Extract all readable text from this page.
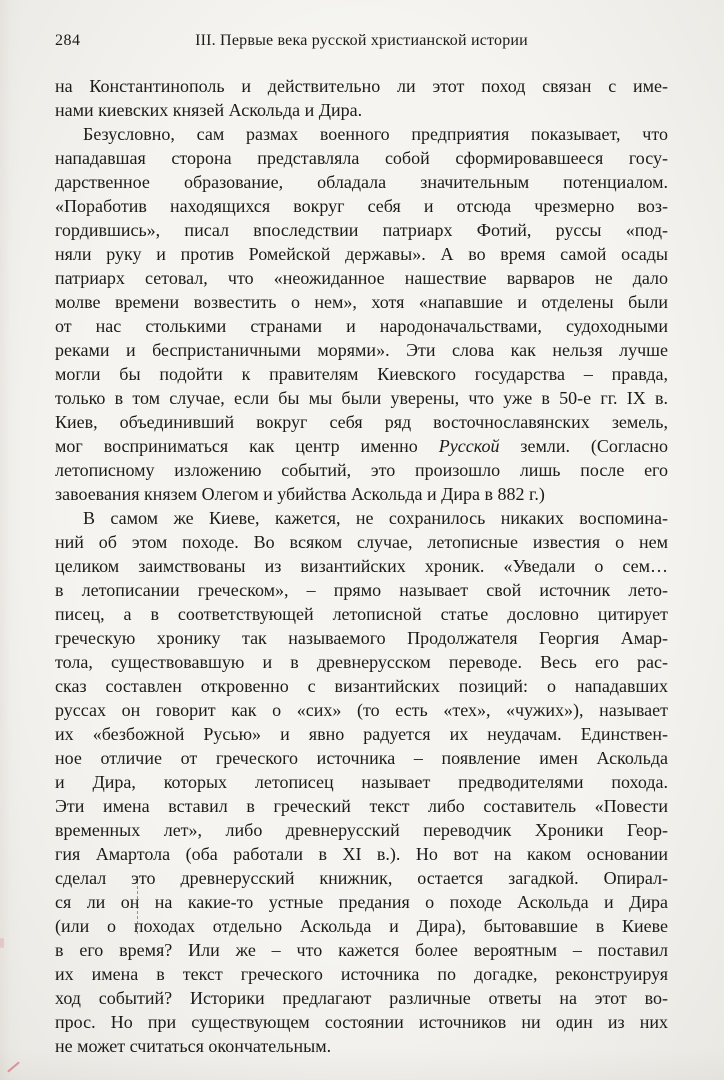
284	III. Первые века русской христианской истории
на Константинополь и действительно ли этот поход связан с име-
нами киевских князей Аскольда и Дира.
Безусловно, сам размах военного предприятия показывает, что
нападавшая сторона представляла собой сформировавшееся госу-
дарственное образование, обладала значительным потенциалом.
«Поработив находящихся вокруг себя и отсюда чрезмерно воз-
гордившись», писал впоследствии патриарх Фотий, руссы «под-
няли руку и против Ромейской державы». А во время самой осады
патриарх сетовал, что «неожиданное нашествие варваров не дало
молве времени возвестить о нем», хотя «напавшие и отделены были
от нас столькими странами и народоначальствами, судоходными
реками и беспристаничными морями». Эти слова как нельзя лучше
могли бы подойти к правителям Киевского государства – правда,
только в том случае, если бы мы были уверены, что уже в 50-е гг. IX в.
Киев, объединивший вокруг себя ряд восточнославянских земель,
мог восприниматься как центр именно Русской земли. (Согласно
летописному изложению событий, это произошло лишь после его
завоевания князем Олегом и убийства Аскольда и Дира в 882 г.)
В самом же Киеве, кажется, не сохранилось никаких воспомина-
ний об этом походе. Во всяком случае, летописные известия о нем
целиком заимствованы из византийских хроник. «Уведали о сем…
в летописании греческом», – прямо называет свой источник лето-
писец, а в соответствующей летописной статье дословно цитирует
греческую хронику так называемого Продолжателя Георгия Амар-
тола, существовавшую и в древнерусском переводе. Весь его рас-
сказ составлен откровенно с византийских позиций: о нападавших
руссах он говорит как о «сих» (то есть «тех», «чужих»), называет
их «безбожной Русью» и явно радуется их неудачам. Единствен-
ное отличие от греческого источника – появление имен Аскольда
и Дира, которых летописец называет предводителями похода.
Эти имена вставил в греческий текст либо составитель «Повести
временных лет», либо древнерусский переводчик Хроники Геор-
гия Амартола (оба работали в XI в.). Но вот на каком основании
сделал это древнерусский книжник, остается загадкой. Опирал-
ся ли он на какие-то устные предания о походе Аскольда и Дира
(или о походах отдельно Аскольда и Дира), бытовавшие в Киеве
в его время? Или же – что кажется более вероятным – поставил
их имена в текст греческого источника по догадке, реконструируя
ход событий? Историки предлагают различные ответы на этот во-
прос. Но при существующем состоянии источников ни один из них
не может считаться окончательным.
